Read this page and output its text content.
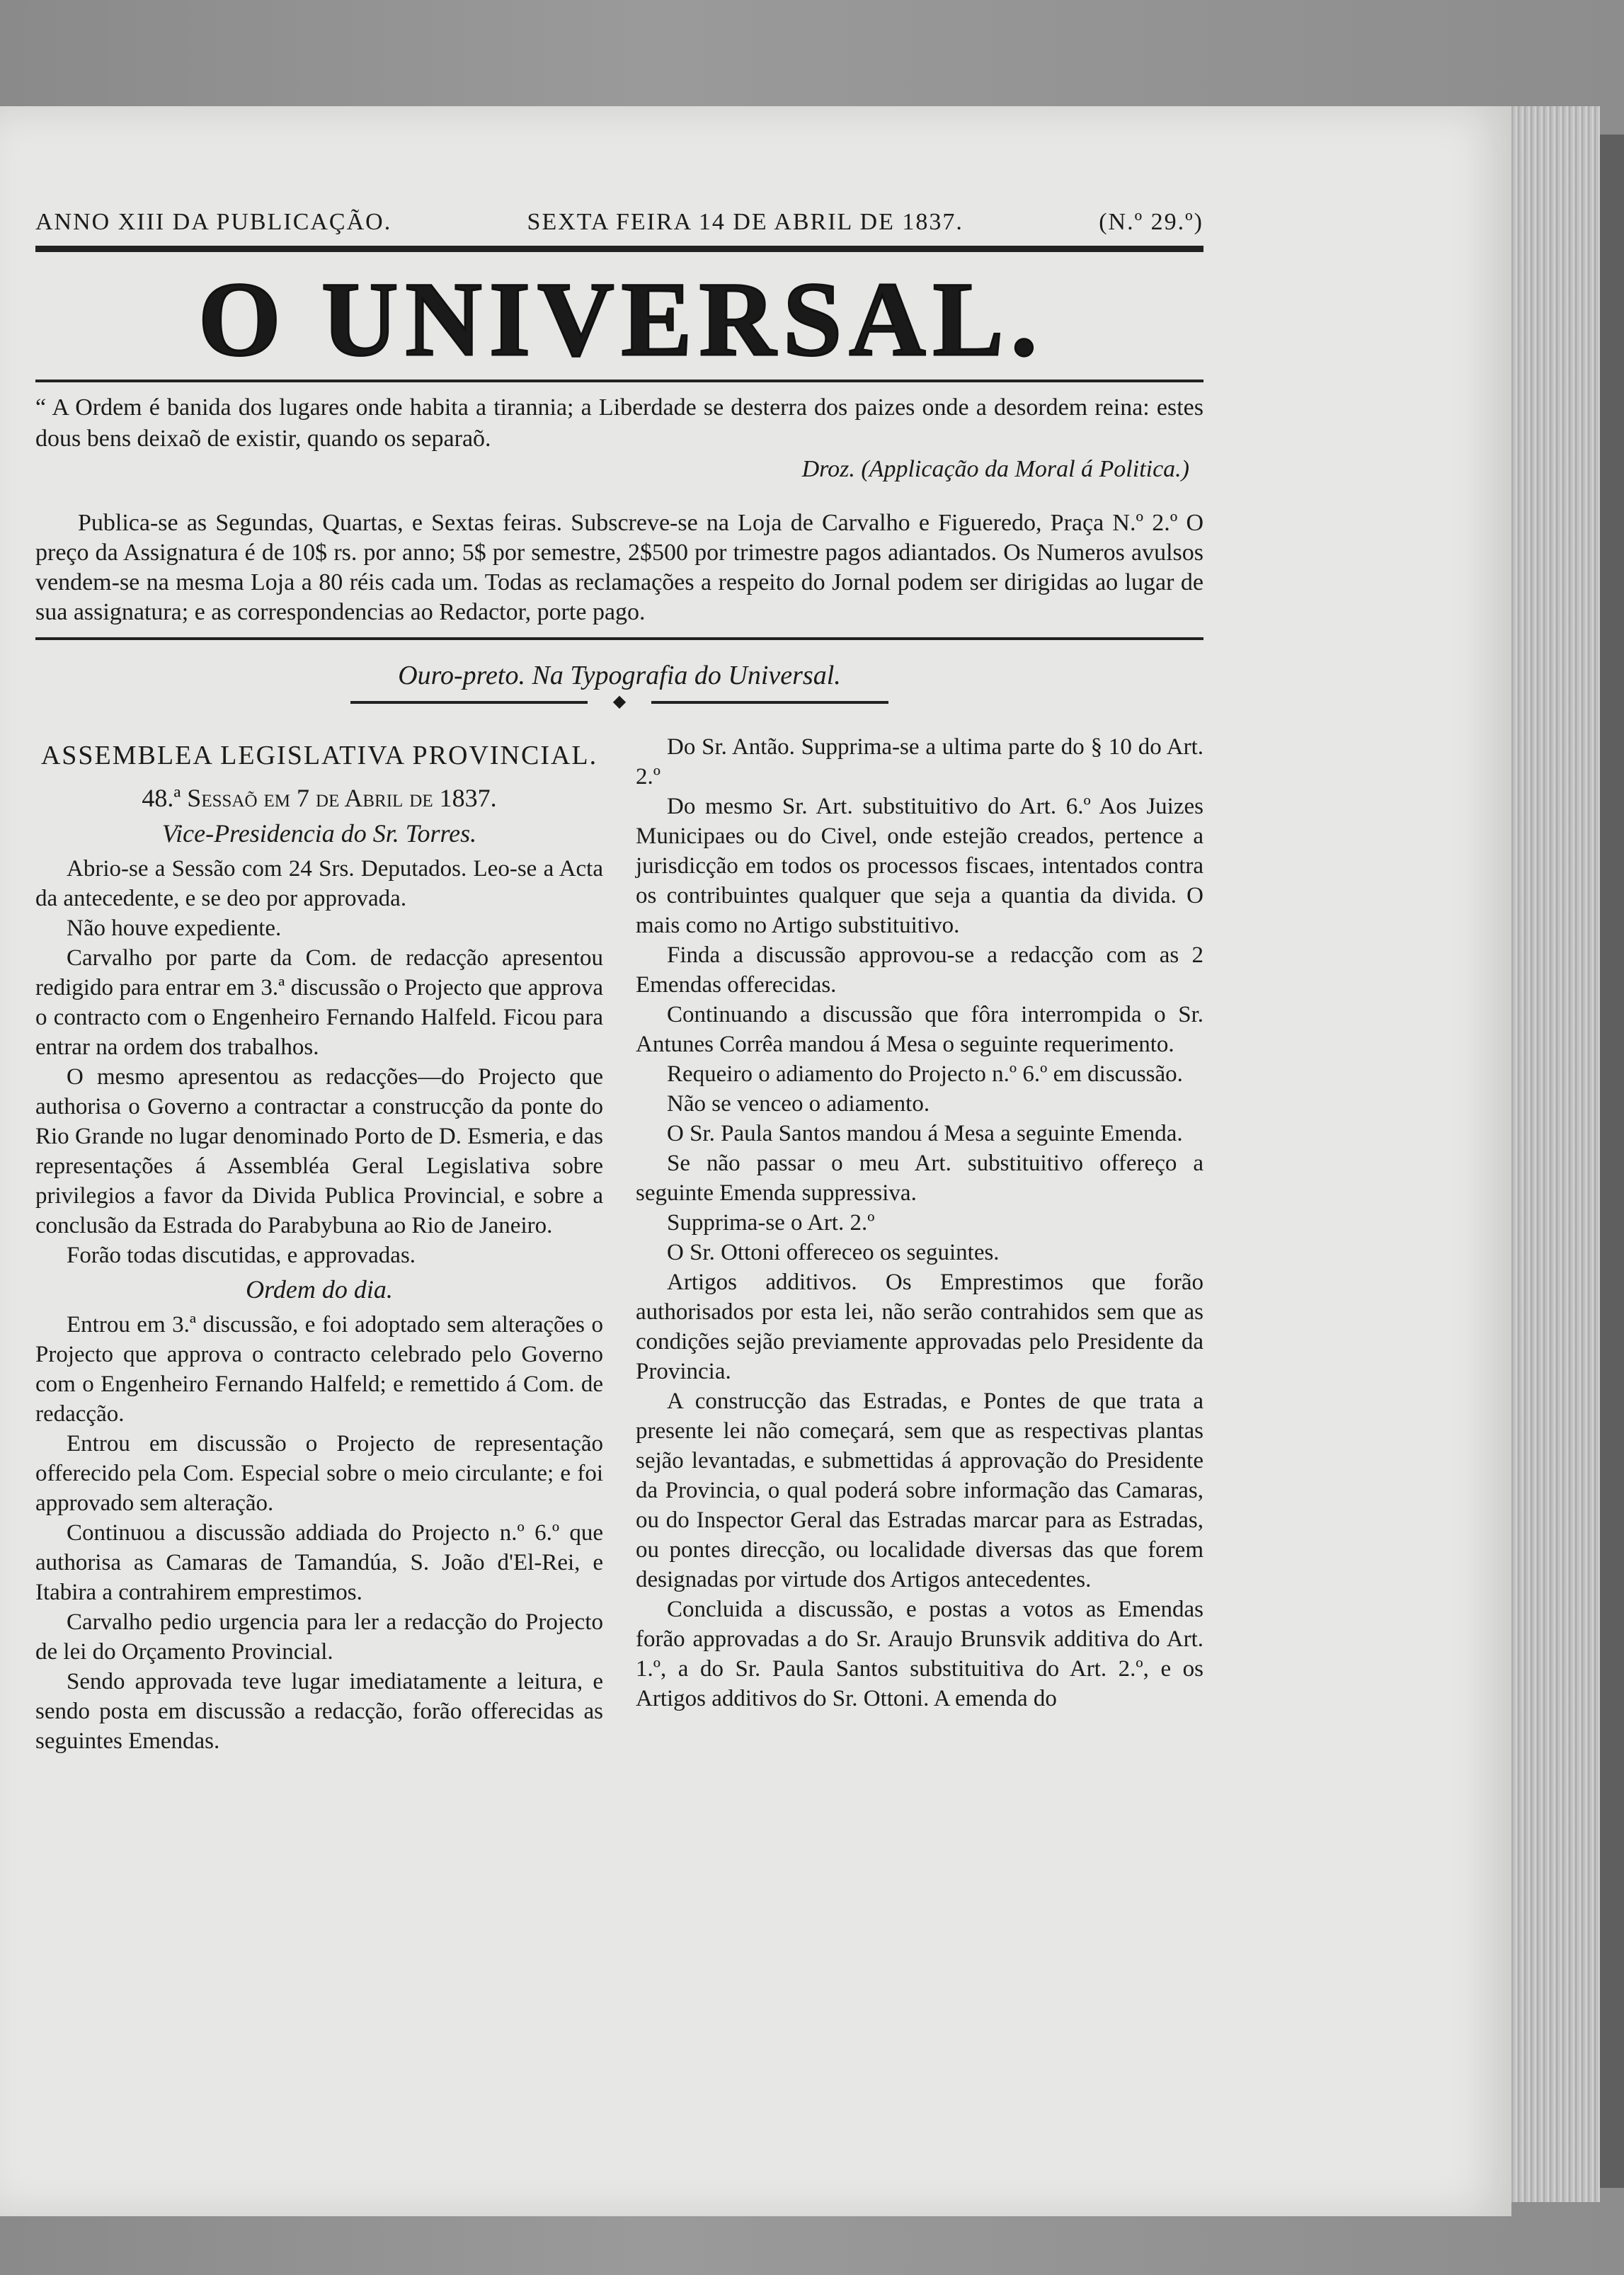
ANNO XIII DA PUBLICAÇÃO.	SEXTA FEIRA 14 DE ABRIL DE 1837.	(N.º 29.º)
O UNIVERSAL.
“ A Ordem é banida dos lugares onde habita a tirannia; a Liberdade se desterra dos paizes onde a desordem reina: estes dous bens deixaõ de existir, quando os separaõ.
Droz. (Applicação da Moral á Politica.)
Publica-se as Segundas, Quartas, e Sextas feiras. Subscreve-se na Loja de Carvalho e Figueredo, Praça N.º 2.º O preço da Assignatura é de 10$ rs. por anno; 5$ por semestre, 2$500 por trimestre pagos adiantados. Os Numeros avulsos vendem-se na mesma Loja a 80 réis cada um. Todas as reclamações a respeito do Jornal podem ser dirigidas ao lugar de sua assignatura; e as correspondencias ao Redactor, porte pago.
Ouro-preto. Na Typografia do Universal.
◆
ASSEMBLEA LEGISLATIVA PROVINCIAL.
48.ª Sessaõ em 7 de Abril de 1837.
Vice-Presidencia do Sr. Torres.

Abrio-se a Sessão com 24 Srs. Deputados. Leo-se a Acta da antecedente, e se deo por approvada.

Não houve expediente.

Carvalho por parte da Com. de redacção apresentou redigido para entrar em 3.ª discussão o Projecto que approva o contracto com o Engenheiro Fernando Halfeld. Ficou para entrar na ordem dos trabalhos.

O mesmo apresentou as redacções—do Projecto que authorisa o Governo a contractar a construcção da ponte do Rio Grande no lugar denominado Porto de D. Esmeria, e das representações á Assembléa Geral Legislativa sobre privilegios a favor da Divida Publica Provincial, e sobre a conclusão da Estrada do Parabybuna ao Rio de Janeiro.

Forão todas discutidas, e approvadas.

Ordem do dia.

Entrou em 3.ª discussão, e foi adoptado sem alterações o Projecto que approva o contracto celebrado pelo Governo com o Engenheiro Fernando Halfeld; e remettido á Com. de redacção.

Entrou em discussão o Projecto de representação offerecido pela Com. Especial sobre o meio circulante; e foi approvado sem alteração.

Continuou a discussão addiada do Projecto n.º 6.º que authorisa as Camaras de Tamandúa, S. João d'El-Rei, e Itabira a contrahirem emprestimos.

Carvalho pedio urgencia para ler a redacção do Projecto de lei do Orçamento Provincial.

Sendo approvada teve lugar imediatamente a leitura, e sendo posta em discussão a redacção, forão offerecidas as seguintes Emendas.

Do Sr. Antão. Supprima-se a ultima parte do § 10 do Art. 2.º

Do mesmo Sr. Art. substituitivo do Art. 6.º Aos Juizes Municipaes ou do Civel, onde estejão creados, pertence a jurisdicção em todos os processos fiscaes, intentados contra os contribuintes qualquer que seja a quantia da divida. O mais como no Artigo substituitivo.

Finda a discussão approvou-se a redacção com as 2 Emendas offerecidas.

Continuando a discussão que fôra interrompida o Sr. Antunes Corrêa mandou á Mesa o seguinte requerimento.

Requeiro o adiamento do Projecto n.º 6.º em discussão.

Não se venceo o adiamento.

O Sr. Paula Santos mandou á Mesa a seguinte Emenda.

Se não passar o meu Art. substituitivo offereço a seguinte Emenda suppressiva.

Supprima-se o Art. 2.º

O Sr. Ottoni offereceo os seguintes.

Artigos additivos. Os Emprestimos que forão authorisados por esta lei, não serão contrahidos sem que as condições sejão previamente approvadas pelo Presidente da Provincia.

A construcção das Estradas, e Pontes de que trata a presente lei não começará, sem que as respectivas plantas sejão levantadas, e submettidas á approvação do Presidente da Provincia, o qual poderá sobre informação das Camaras, ou do Inspector Geral das Estradas marcar para as Estradas, ou pontes direcção, ou localidade diversas das que forem designadas por virtude dos Artigos antecedentes.

Concluida a discussão, e postas a votos as Emendas forão approvadas a do Sr. Araujo Brunsvik additiva do Art. 1.º, a do Sr. Paula Santos substituitiva do Art. 2.º, e os Artigos additivos do Sr. Ottoni. A emenda do
